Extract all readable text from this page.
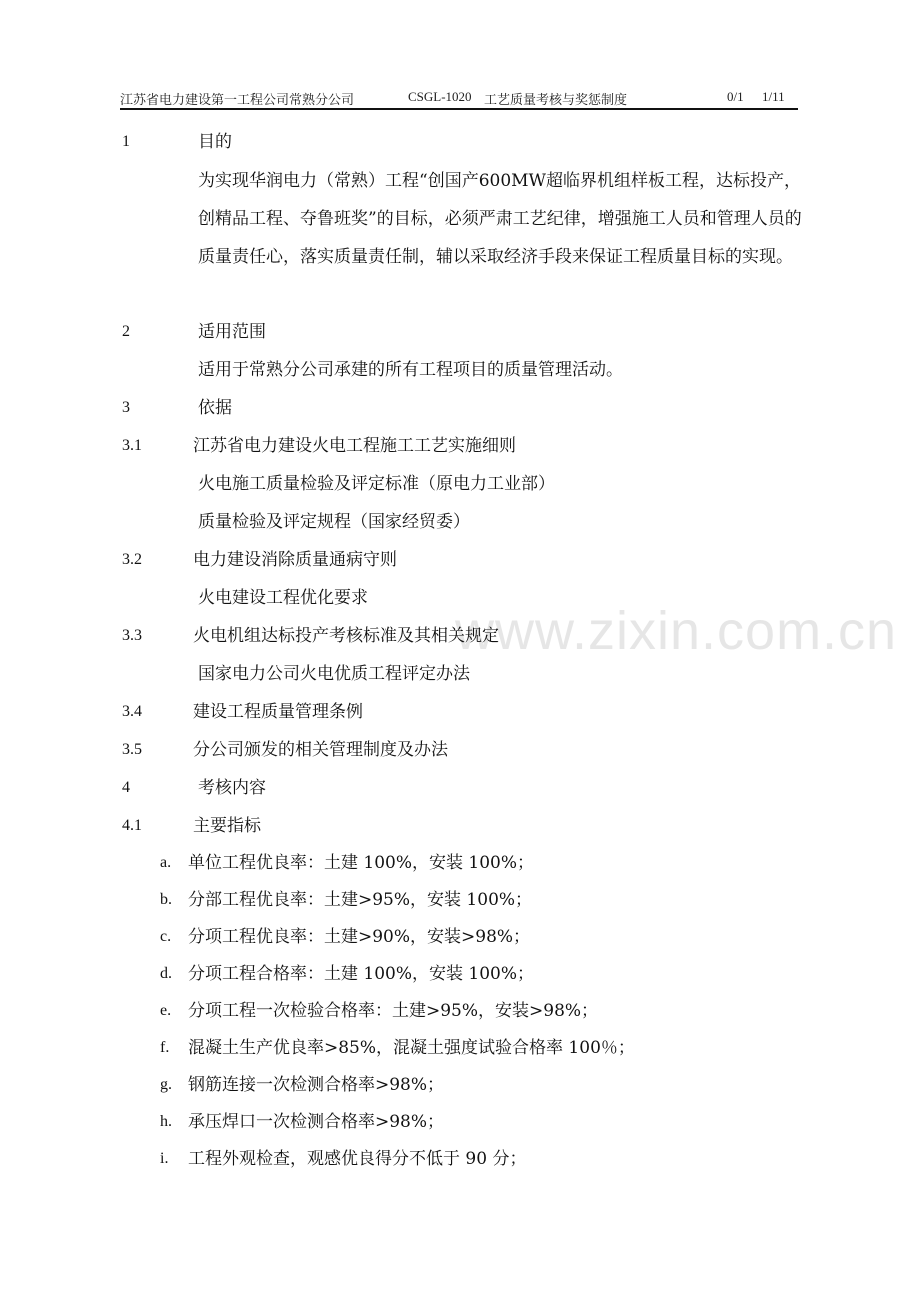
江苏省电力建设第一工程公司常熟分公司	CSGL-1020 工艺质量考核与奖惩制度	0/1 1/11
www.zixin.com.cn
1	目的
为实现华润电力（常熟）工程“创国产600MW超临界机组样板工程，达标投产，创精品工程、夺鲁班奖”的目标，必须严肃工艺纪律，增强施工人员和管理人员的质量责任心，落实质量责任制，辅以采取经济手段来保证工程质量目标的实现。
2	适用范围
适用于常熟分公司承建的所有工程项目的质量管理活动。
3	依据
3.1	江苏省电力建设火电工程施工工艺实施细则
火电施工质量检验及评定标准（原电力工业部）
质量检验及评定规程（国家经贸委）
3.2	电力建设消除质量通病守则
火电建设工程优化要求
3.3	火电机组达标投产考核标准及其相关规定
国家电力公司火电优质工程评定办法
3.4	建设工程质量管理条例
3.5	分公司颁发的相关管理制度及办法
4	考核内容
4.1	主要指标
a. 单位工程优良率：土建 100%，安装 100%；
b. 分部工程优良率：土建>95%，安装 100%；
c. 分项工程优良率：土建>90%，安装>98%；
d. 分项工程合格率：土建 100%，安装 100%；
e. 分项工程一次检验合格率：土建>95%，安装>98%；
f. 混凝土生产优良率>85%，混凝土强度试验合格率 100％；
g. 钢筋连接一次检测合格率>98%；
h. 承压焊口一次检测合格率>98%；
i. 工程外观检查，观感优良得分不低于 90 分；
